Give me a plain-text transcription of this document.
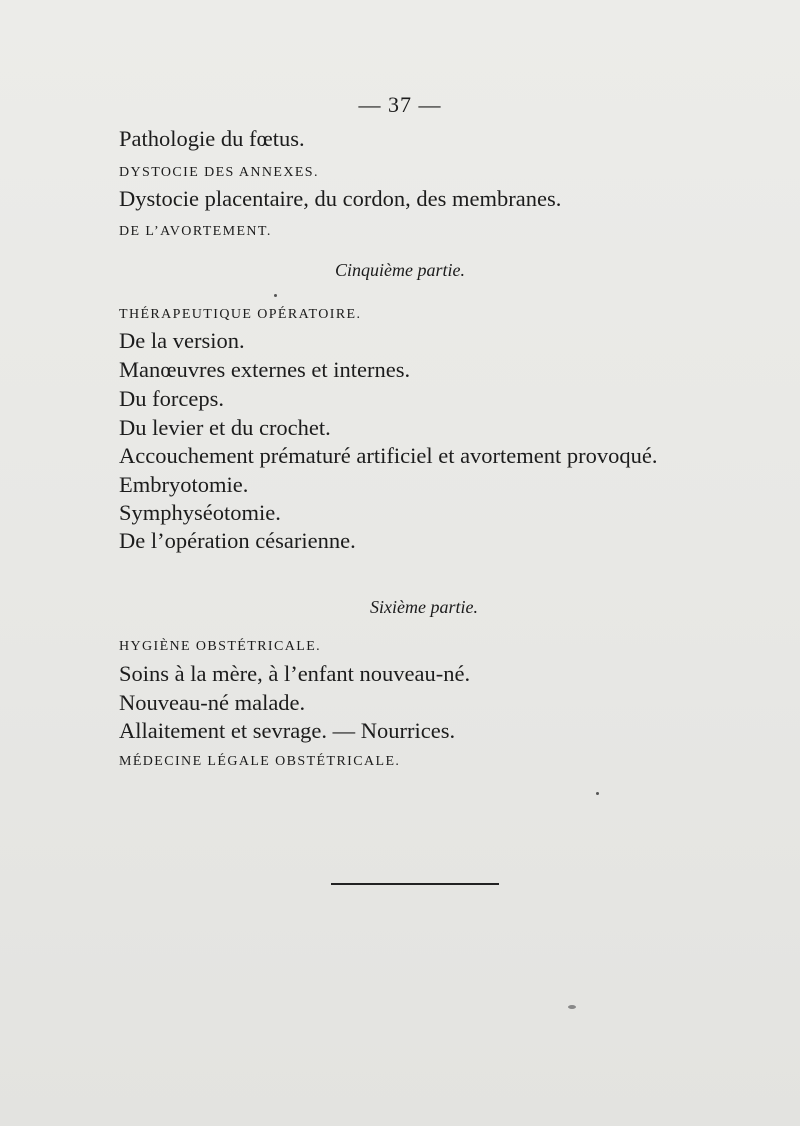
— 37 —
Pathologie du fœtus.
DYSTOCIE DES ANNEXES.
Dystocie placentaire, du cordon, des membranes.
DE L’AVORTEMENT.
Cinquième partie.
THÉRAPEUTIQUE OPÉRATOIRE.
De la version.
Manœuvres externes et internes.
Du forceps.
Du levier et du crochet.
Accouchement prématuré artificiel et avortement provoqué.
Embryotomie.
Symphyséotomie.
De l’opération césarienne.
Sixième partie.
HYGIÈNE OBSTÉTRICALE.
Soins à la mère, à l’enfant nouveau-né.
Nouveau-né malade.
Allaitement et sevrage. — Nourrices.
MÉDECINE LÉGALE OBSTÉTRICALE.
